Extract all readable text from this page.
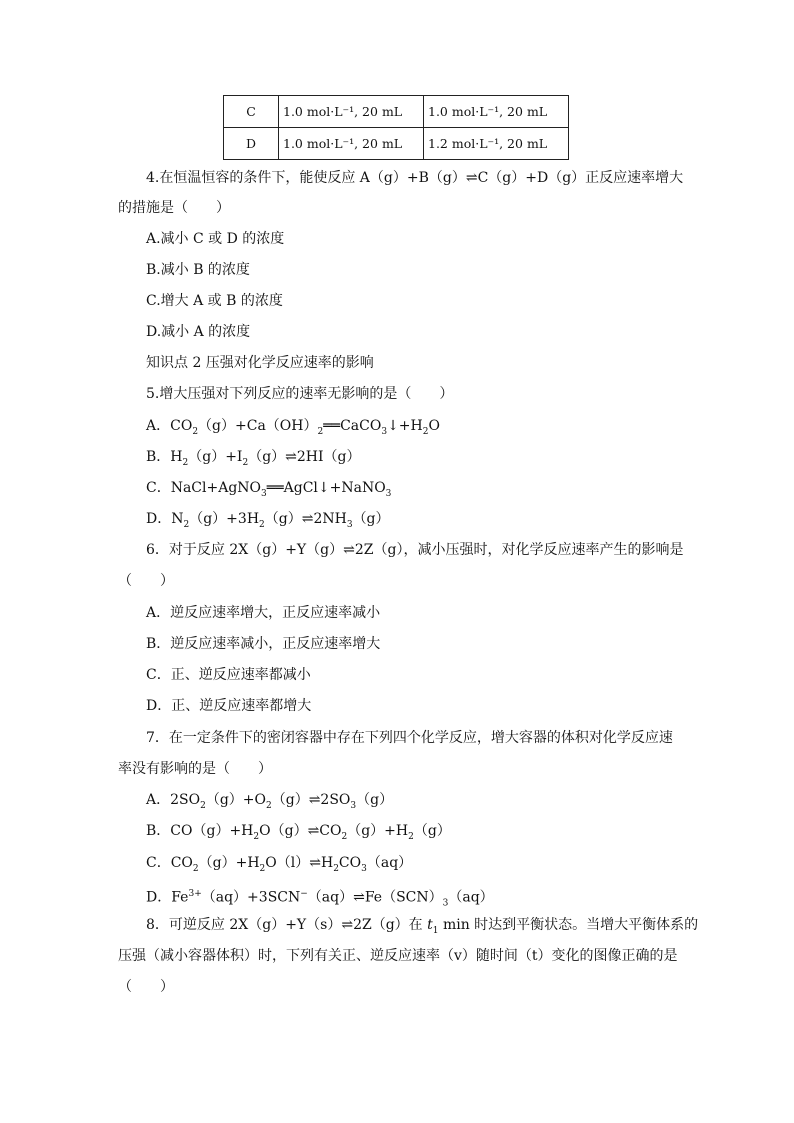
C	1.0 mol·L⁻¹, 20 mL	1.0 mol·L⁻¹, 20 mL
D	1.0 mol·L⁻¹, 20 mL	1.2 mol·L⁻¹, 20 mL
4.在恒温恒容的条件下，能使反应 A（g）+B（g）⇌C（g）+D（g）正反应速率增大
的措施是（　　）
A.减小 C 或 D 的浓度
B.减小 B 的浓度
C.增大 A 或 B 的浓度
D.减小 A 的浓度
知识点 2 压强对化学反应速率的影响
5.增大压强对下列反应的速率无影响的是（　　）
A．$CO_2(g)+Ca(OH)_2══CaCO_3↓+H_2O$
B．$H_2(g)+I_2(g)\rightleftharpoons 2HI(g)$
C．NaCl+AgNO$_3$══AgCl↓+NaNO$_3$
D．$N_2(g)+3H_2(g)\rightleftharpoons 2NH_3(g)$
6．对于反应 2X（g）+Y（g）⇌2Z（g），减小压强时，对化学反应速率产生的影响是
（　　）
A．逆反应速率增大，正反应速率减小
B．逆反应速率减小，正反应速率增大
C．正、逆反应速率都减小
D．正、逆反应速率都增大
7．在一定条件下的密闭容器中存在下列四个化学反应，增大容器的体积对化学反应速
率没有影响的是（　　）
A．$2SO_2(g)+O_2(g)\rightleftharpoons 2SO_3(g)$
B．$CO(g)+H_2O(g)\rightleftharpoons CO_2(g)+H_2(g)$
C．$CO_2(g)+H_2O(l)\rightleftharpoons H_2CO_3(aq)$
D．$Fe^{3+}(aq)+3SCN^-(aq)\rightleftharpoons Fe(SCN)_3(aq)$
8．可逆反应 2X（g）+Y（s）⇌2Z（g）在 $t_1$ min 时达到平衡状态。当增大平衡体系的
压强（减小容器体积）时，下列有关正、逆反应速率（v）随时间（t）变化的图像正确的是
（　　）
